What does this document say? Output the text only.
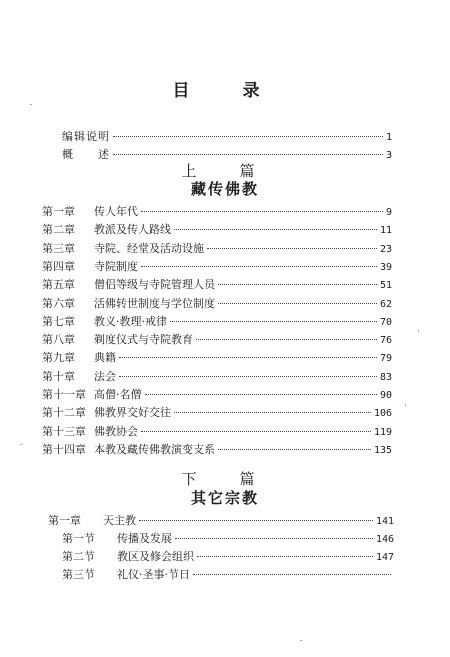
目　录
编辑说明	1
概　　述	3
上　篇
藏传佛教
第一章	传人年代	9
第二章	教派及传人路线	11
第三章	寺院、经堂及活动设施	23
第四章	寺院制度	39
第五章	僧侣等级与寺院管理人员	51
第六章	活佛转世制度与学位制度	62
第七章	教义·教理·戒律	70
第八章	剃度仪式与寺院教育	76
第九章	典籍	79
第十章	法会	83
第十一章 高僧·名僧	90
第十二章 佛教界交好交往	106
第十三章 佛教协会	119
第十四章 本教及藏传佛教演变支系	135
下　篇
其它宗教
第一章	天主教	141
第一节	传播及发展	146
第二节	教区及修会组织	147
第三节	礼仪·圣事·节日
